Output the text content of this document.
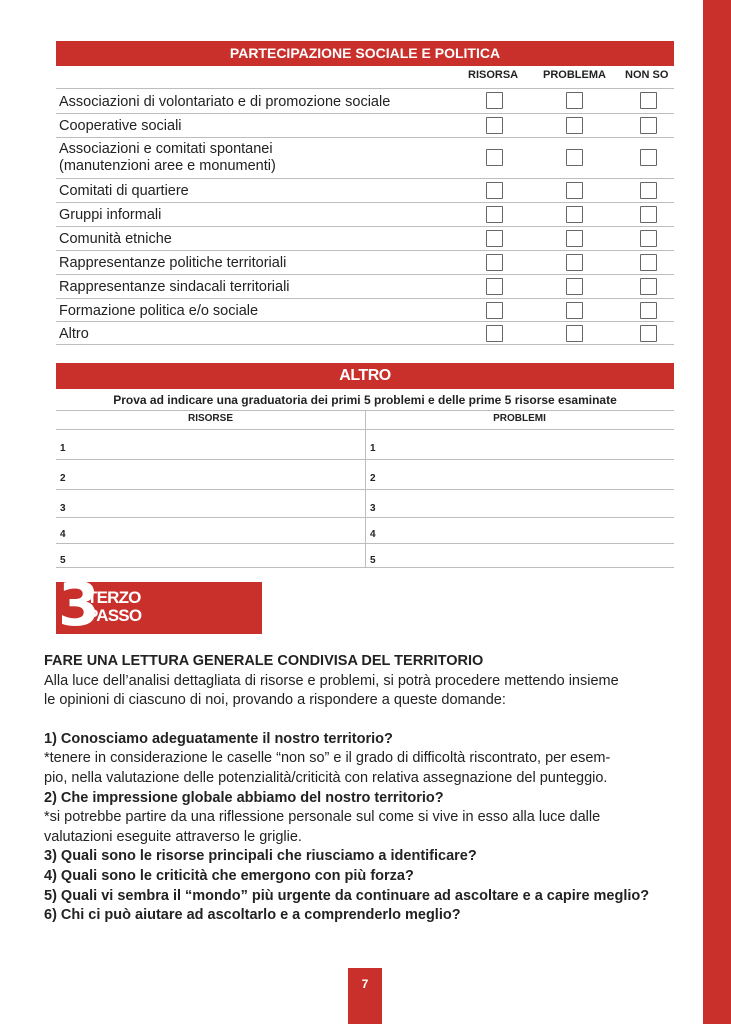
PARTECIPAZIONE SOCIALE E POLITICA
RISORSA PROBLEMA NON SO
Associazioni di volontariato e di promozione sociale
Cooperative sociali
Associazioni e comitati spontanei
(manutenzioni aree e monumenti)
Comitati di quartiere
Gruppi informali
Comunità etniche
Rappresentanze politiche territoriali
Rappresentanze sindacali territoriali
Formazione politica e/o sociale
Altro
ALTRO
Prova ad indicare una graduatoria dei primi 5 problemi e delle prime 5 risorse esaminate
RISORSE	PROBLEMI
1	1
2	2
3	3
4	4
5	5
3
TERZO
PASSO

FARE UNA LETTURA GENERALE CONDIVISA DEL TERRITORIO

Alla luce dell’analisi dettagliata di risorse e problemi, si potrà procedere mettendo insieme

le opinioni di ciascuno di noi, provando a rispondere a queste domande:

1) Conosciamo adeguatamente il nostro territorio?

*tenere in considerazione le caselle “non so” e il grado di difficoltà riscontrato, per esem-

pio, nella valutazione delle potenzialità/criticità con relativa assegnazione del punteggio.

2) Che impressione globale abbiamo del nostro territorio?

*si potrebbe partire da una riflessione personale sul come si vive in esso alla luce dalle

valutazioni eseguite attraverso le griglie.

3) Quali sono le risorse principali che riusciamo a identificare?

4) Quali sono le criticità che emergono con più forza?

5) Quali vi sembra il “mondo” più urgente da continuare ad ascoltare e a capire meglio?

6) Chi ci può aiutare ad ascoltarlo e a comprenderlo meglio?

7
